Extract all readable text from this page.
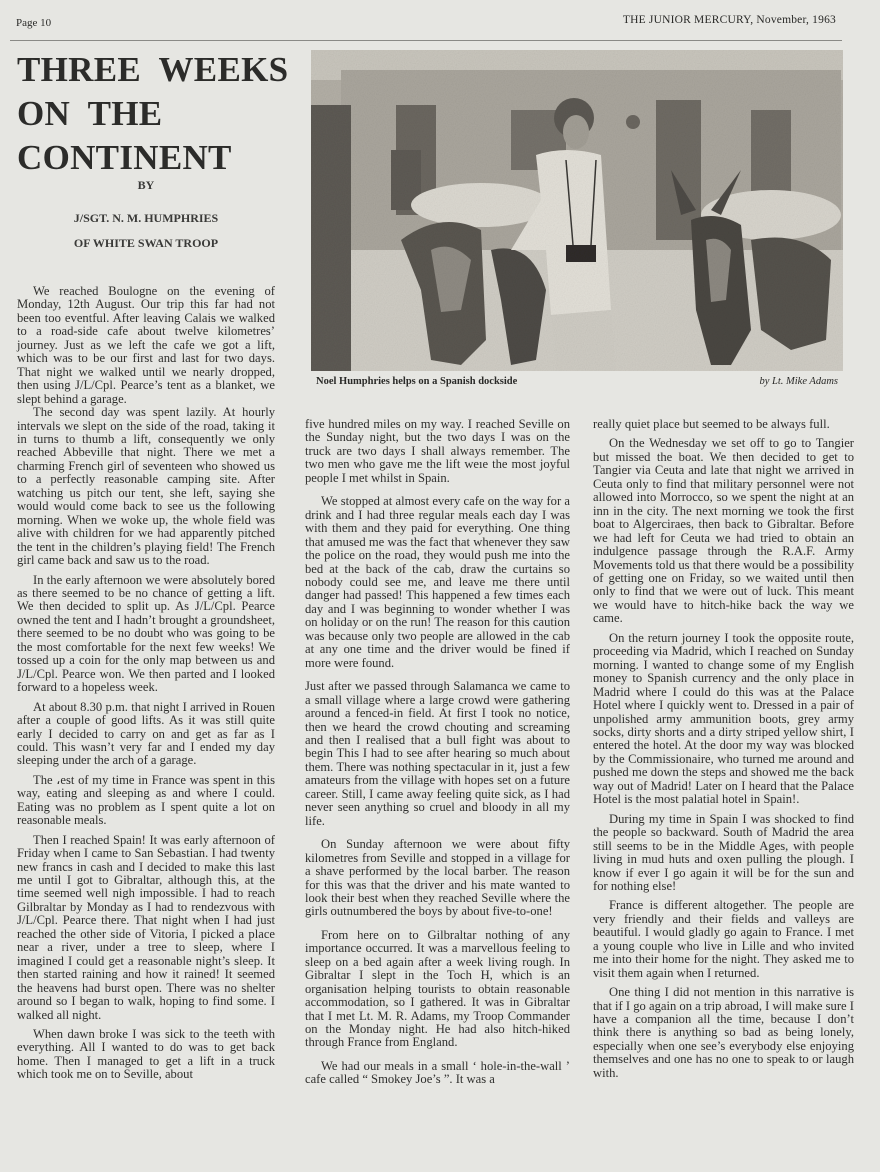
Page 10	THE JUNIOR MERCURY, November, 1963
THREE  WEEKS
ON  THE
CONTINENT
BY
J/SGT. N. M. HUMPHRIES
OF WHITE SWAN TROOP
Noel Humphries helps on a Spanish dockside	by Lt. Mike Adams

We reached Boulogne on the evening of Monday, 12th August. Our trip this far had not been too eventful. After leaving Calais we walked to a road-side cafe about twelve kilometres’ journey. Just as we left the cafe we got a lift, which was to be our first and last for two days. That night we walked until we nearly dropped, then using J/L/Cpl. Pearce’s tent as a blanket, we slept behind a garage.

The second day was spent lazily. At hourly intervals we slept on the side of the road, taking it in turns to thumb a lift, consequently we only reached Abbeville that night. There we met a charming French girl of seventeen who showed us to a perfectly reasonable camping site. After watching us pitch our tent, she left, saying she would would come back to see us the following morning. When we woke up, the whole field was alive with children for we had apparently pitched the tent in the children’s playing field! The French girl came back and saw us to the road.

In the early afternoon we were absolutely bored as there seemed to be no chance of getting a lift. We then decided to split up. As J/L/Cpl. Pearce owned the tent and I hadn’t brought a groundsheet, there seemed to be no doubt who was going to be the most comfortable for the next few weeks! We tossed up a coin for the only map between us and J/L/Cpl. Pearce won. We then parted and I looked forward to a hopeless week.

At about 8.30 p.m. that night I arrived in Rouen after a couple of good lifts. As it was still quite early I decided to carry on and get as far as I could. This wasn’t very far and I ended my day sleeping under the arch of a garage.

The ،est of my time in France was spent in this way, eating and sleeping as and where I could. Eating was no problem as I spent quite a lot on reasonable meals.

Then I reached Spain! It was early afternoon of Friday when I came to San Sebastian. I had twenty new francs in cash and I decided to make this last me until I got to Gibraltar, although this, at the time seemed well nigh impossible. I had to reach Gilbraltar by Monday as I had to rendezvous with J/L/Cpl. Pearce there. That night when I had just reached the other side of Vitoria, I picked a place near a river, under a tree to sleep, where I imagined I could get a reasonable night’s sleep. It then started raining and how it rained! It seemed the heavens had burst open. There was no shelter around so I began to walk, hoping to find some. I walked all night.

When dawn broke I was sick to the teeth with everything. All I wanted to do was to get back home. Then I managed to get a lift in a truck which took me on to Seville, about

five hundred miles on my way. I reached Seville on the Sunday night, but the two days I was on the truck are two days I shall always remember. The two men who gave me the lift weıe the most joyful people I met whilst in Spain.

We stopped at almost every cafe on the way for a drink and I had three regular meals each day I was with them and they paid for everything. One thing that amused me was the fact that whenever they saw the police on the road, they would push me into the bed at the back of the cab, draw the curtains so nobody could see me, and leave me there until danger had passed! This happened a few times each day and I was beginning to wonder whether I was on holiday or on the run! The reason for this caution was because only two people are allowed in the cab at any one time and the driver would be fined if more were found.

Just after we passed through Salamanca we came to a small village where a large crowd were gathering around a fenced-in field. At first I took no notice, then we heard the crowd chouting and screaming and then I realised that a bull fight was about to begin This I had to see after hearing so much about them. There was nothing spectacular in it, just a few amateurs from the village with hopes set on a future career. Still, I came away feeling quite sick, as I had never seen anything so cruel and bloody in all my life.

On Sunday afternoon we were about fifty kilometres from Seville and stopped in a village for a shave performed by the local barber. The reason for this was that the driver and his mate wanted to look their best when they reached Seville where the girls outnumbered the boys by about five-to-one!

From here on to Gilbraltar nothing of any importance occurred. It was a marvellous feeling to sleep on a bed again after a week living rough. In Gibraltar I slept in the Toch H, which is an organisation helping tourists to obtain reasonable accommodation, so I gathered. It was in Gibraltar that I met Lt. M. R. Adams, my Troop Commander on the Monday night. He had also hitch-hiked through France from England.

We had our meals in a small ‘ hole-in-the-wall ’ cafe called “ Smokey Joe’s ”. It was a

really quiet place but seemed to be always full.

On the Wednesday we set off to go to Tangier but missed the boat. We then decided to get to Tangier via Ceuta and late that night we arrived in Ceuta only to find that military personnel were not allowed into Morrocco, so we spent the night at an inn in the city. The next morning we took the first boat to Algerciraes, then back to Gibraltar. Before we had left for Ceuta we had tried to obtain an indulgence passage through the R.A.F. Army Movements told us that there would be a possibility of getting one on Friday, so we waited until then only to find that we were out of luck. This meant we would have to hitch-hike back the way we came.

On the return journey I took the opposite route, proceeding via Madrid, which I reached on Sunday morning. I wanted to change some of my English money to Spanish currency and the only place in Madrid where I could do this was at the Palace Hotel where I quickly went to. Dressed in a pair of unpolished army ammunition boots, grey army socks, dirty shorts and a dirty striped yellow shirt, I entered the hotel. At the door my way was blocked by the Commissionaire, who turned me around and pushed me down the steps and showed me the back way out of Madrid! Later on I heard that the Palace Hotel is the most palatial hotel in Spain!.

During my time in Spain I was shocked to find the people so backward. South of Madrid the area still seems to be in the Middle Ages, with people living in mud huts and oxen pulling the plough. I know if ever I go again it will be for the sun and for nothing else!

France is different altogether. The people are very friendly and their fields and valleys are beautiful. I would gladly go again to France. I met a young couple who live in Lille and who invited me into their home for the night. They asked me to visit them again when I returned.

One thing I did not mention in this narrative is that if I go again on a trip abroad, I will make sure I have a companion all the time, because I don’t think there is anything so bad as being lonely, especially when one see’s everybody else enjoying themselves and one has no one to speak to or laugh with.
